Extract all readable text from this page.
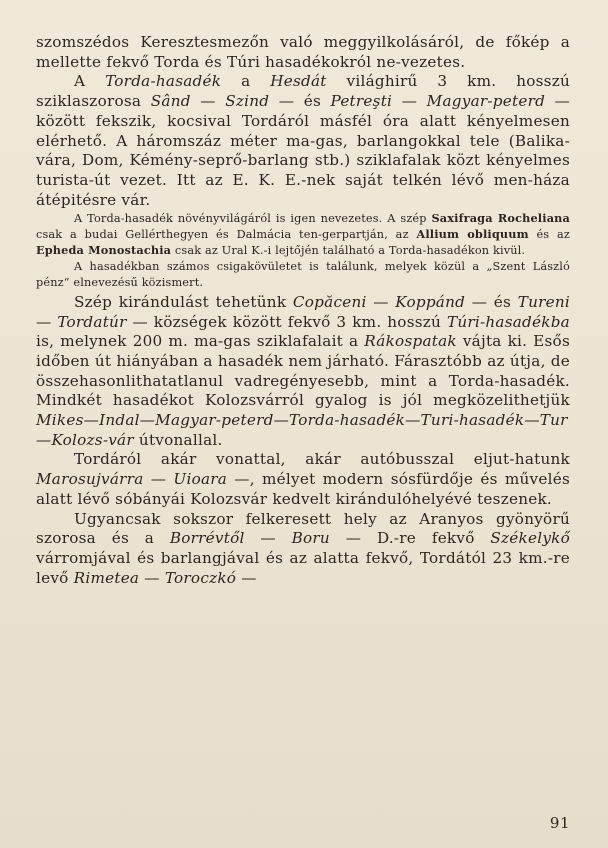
szomszédos Keresztesmezőn való meggyilkolásáról, de főkép a mellette fekvő Torda és Túri hasadékokról ne-vezetes.

A Torda-hasadék a Hesdát világhirű 3 km. hosszú sziklaszorosa Sând — Szind — és Petreşti — Magyar-peterd — között fekszik, kocsival Tordáról másfél óra alatt kényelmesen elérhető. A háromszáz méter ma-gas, barlangokkal tele (Balika-vára, Dom, Kémény-seprő-barlang stb.) sziklafalak közt kényelmes turista-út vezet. Itt az E. K. E.-nek saját telkén lévő men-háza átépitésre vár.

A Torda-hasadék növényvilágáról is igen nevezetes. A szép Saxifraga Rocheliana csak a budai Gellérthegyen és Dalmácia ten-gerpartján, az Allium obliquum és az Epheda Monostachia csak az Ural K.-i lejtőjén található a Torda-hasadékon kivül.

A hasadékban számos csigakövületet is találunk, melyek közül a „Szent László pénz“ elnevezésű közismert.

Szép kirándulást tehetünk Copăceni — Koppánd — és Tureni — Tordatúr — községek között fekvő 3 km. hosszú Túri-hasadékba is, melynek 200 m. ma-gas sziklafalait a Rákospatak vájta ki. Esős időben út hiányában a hasadék nem járható. Fárasztóbb az útja, de összehasonlithatatlanul vadregényesebb, mint a Torda-hasadék. Mindkét hasadékot Kolozsvárról gyalog is jól megközelithetjük Mikes—Indal—Magyar-peterd—Torda-hasadék—Turi-hasadék—Tur—Kolozs-vár útvonallal.

Tordáról akár vonattal, akár autóbusszal eljut-hatunk Marosujvárra — Uioara —, mélyet modern sósfürdője és művelés alatt lévő sóbányái Kolozsvár kedvelt kirándulóhelyévé teszenek.

Ugyancsak sokszor felkeresett hely az Aranyos gyönyörű szorosa és a Borrévtől — Boru — D.-re fekvő Székelykő várromjával és barlangjával és az alatta fekvő, Tordától 23 km.-re levő Rimetea — Toroczkó —

91
